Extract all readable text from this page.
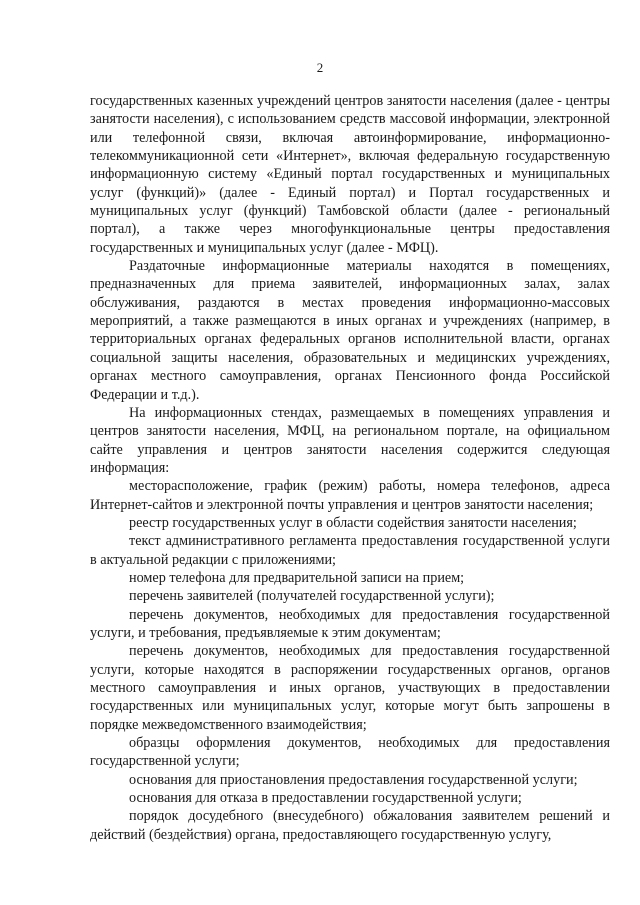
2

государственных казенных учреждений центров занятости населения (далее - центры занятости населения), с использованием средств массовой информации, электронной или телефонной связи, включая автоинформирование, информационно-телекоммуникационной сети «Интернет», включая федеральную государственную информационную систему «Единый портал государственных и муниципальных услуг (функций)» (далее - Единый портал) и Портал государственных и муниципальных услуг (функций) Тамбовской области (далее - региональный портал), а также через многофункциональные центры предоставления государственных и муниципальных услуг (далее - МФЦ).

Раздаточные информационные материалы находятся в помещениях, предназначенных для приема заявителей, информационных залах, залах обслуживания, раздаются в местах проведения информационно-массовых мероприятий, а также размещаются в иных органах и учреждениях (например, в территориальных органах федеральных органов исполнительной власти, органах социальной защиты населения, образовательных и медицинских учреждениях, органах местного самоуправления, органах Пенсионного фонда Российской Федерации и т.д.).

На информационных стендах, размещаемых в помещениях управления и центров занятости населения, МФЦ, на региональном портале, на официальном сайте управления и центров занятости населения содержится следующая информация:

месторасположение, график (режим) работы, номера телефонов, адреса Интернет-сайтов и электронной почты управления и центров занятости населения;

реестр государственных услуг в области содействия занятости населения;

текст административного регламента предоставления государственной услуги в актуальной редакции с приложениями;

номер телефона для предварительной записи на прием;

перечень заявителей (получателей государственной услуги);

перечень документов, необходимых для предоставления государственной услуги, и требования, предъявляемые к этим документам;

перечень документов, необходимых для предоставления государственной услуги, которые находятся в распоряжении государственных органов, органов местного самоуправления и иных органов, участвующих в предоставлении государственных или муниципальных услуг, которые могут быть запрошены в порядке межведомственного взаимодействия;

образцы оформления документов, необходимых для предоставления государственной услуги;

основания для приостановления предоставления государственной услуги;

основания для отказа в предоставлении государственной услуги;

порядок досудебного (внесудебного) обжалования заявителем решений и действий (бездействия) органа, предоставляющего государственную услугу,
